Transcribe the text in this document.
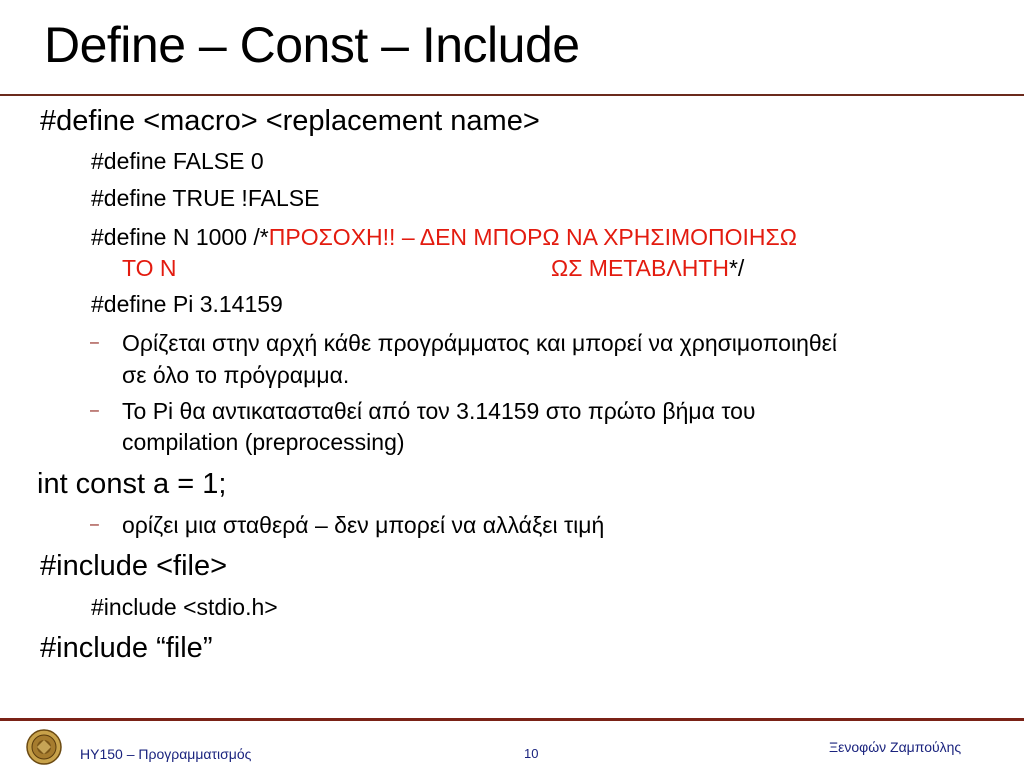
Define – Const – Include
#define <macro> <replacement name>
#define FALSE 0
#define TRUE !FALSE
#define N 1000 /*ΠΡΟΣΟΧΗ!! – ΔΕΝ ΜΠΟΡΩ ΝΑ ΧΡΗΣΙΜΟΠΟΙΗΣΩ
ΤΟ Ν	ΩΣ ΜΕΤΑΒΛΗΤΗ*/
#define Pi 3.14159
– Ορίζεται στην αρχή κάθε προγράμματος και μπορεί να χρησιμοποιηθεί
σε όλο το πρόγραμμα.
– Το Pi θα αντικατασταθεί από τον 3.14159 στο πρώτο βήμα του
compilation (preprocessing)
int const a = 1;
– ορίζει μια σταθερά – δεν μπορεί να αλλάξει τιμή
#include <file>
#include <stdio.h>
#include “file”
ΗΥ150 – Προγραμματισμός	10	Ξενοφών Ζαμπούλης
